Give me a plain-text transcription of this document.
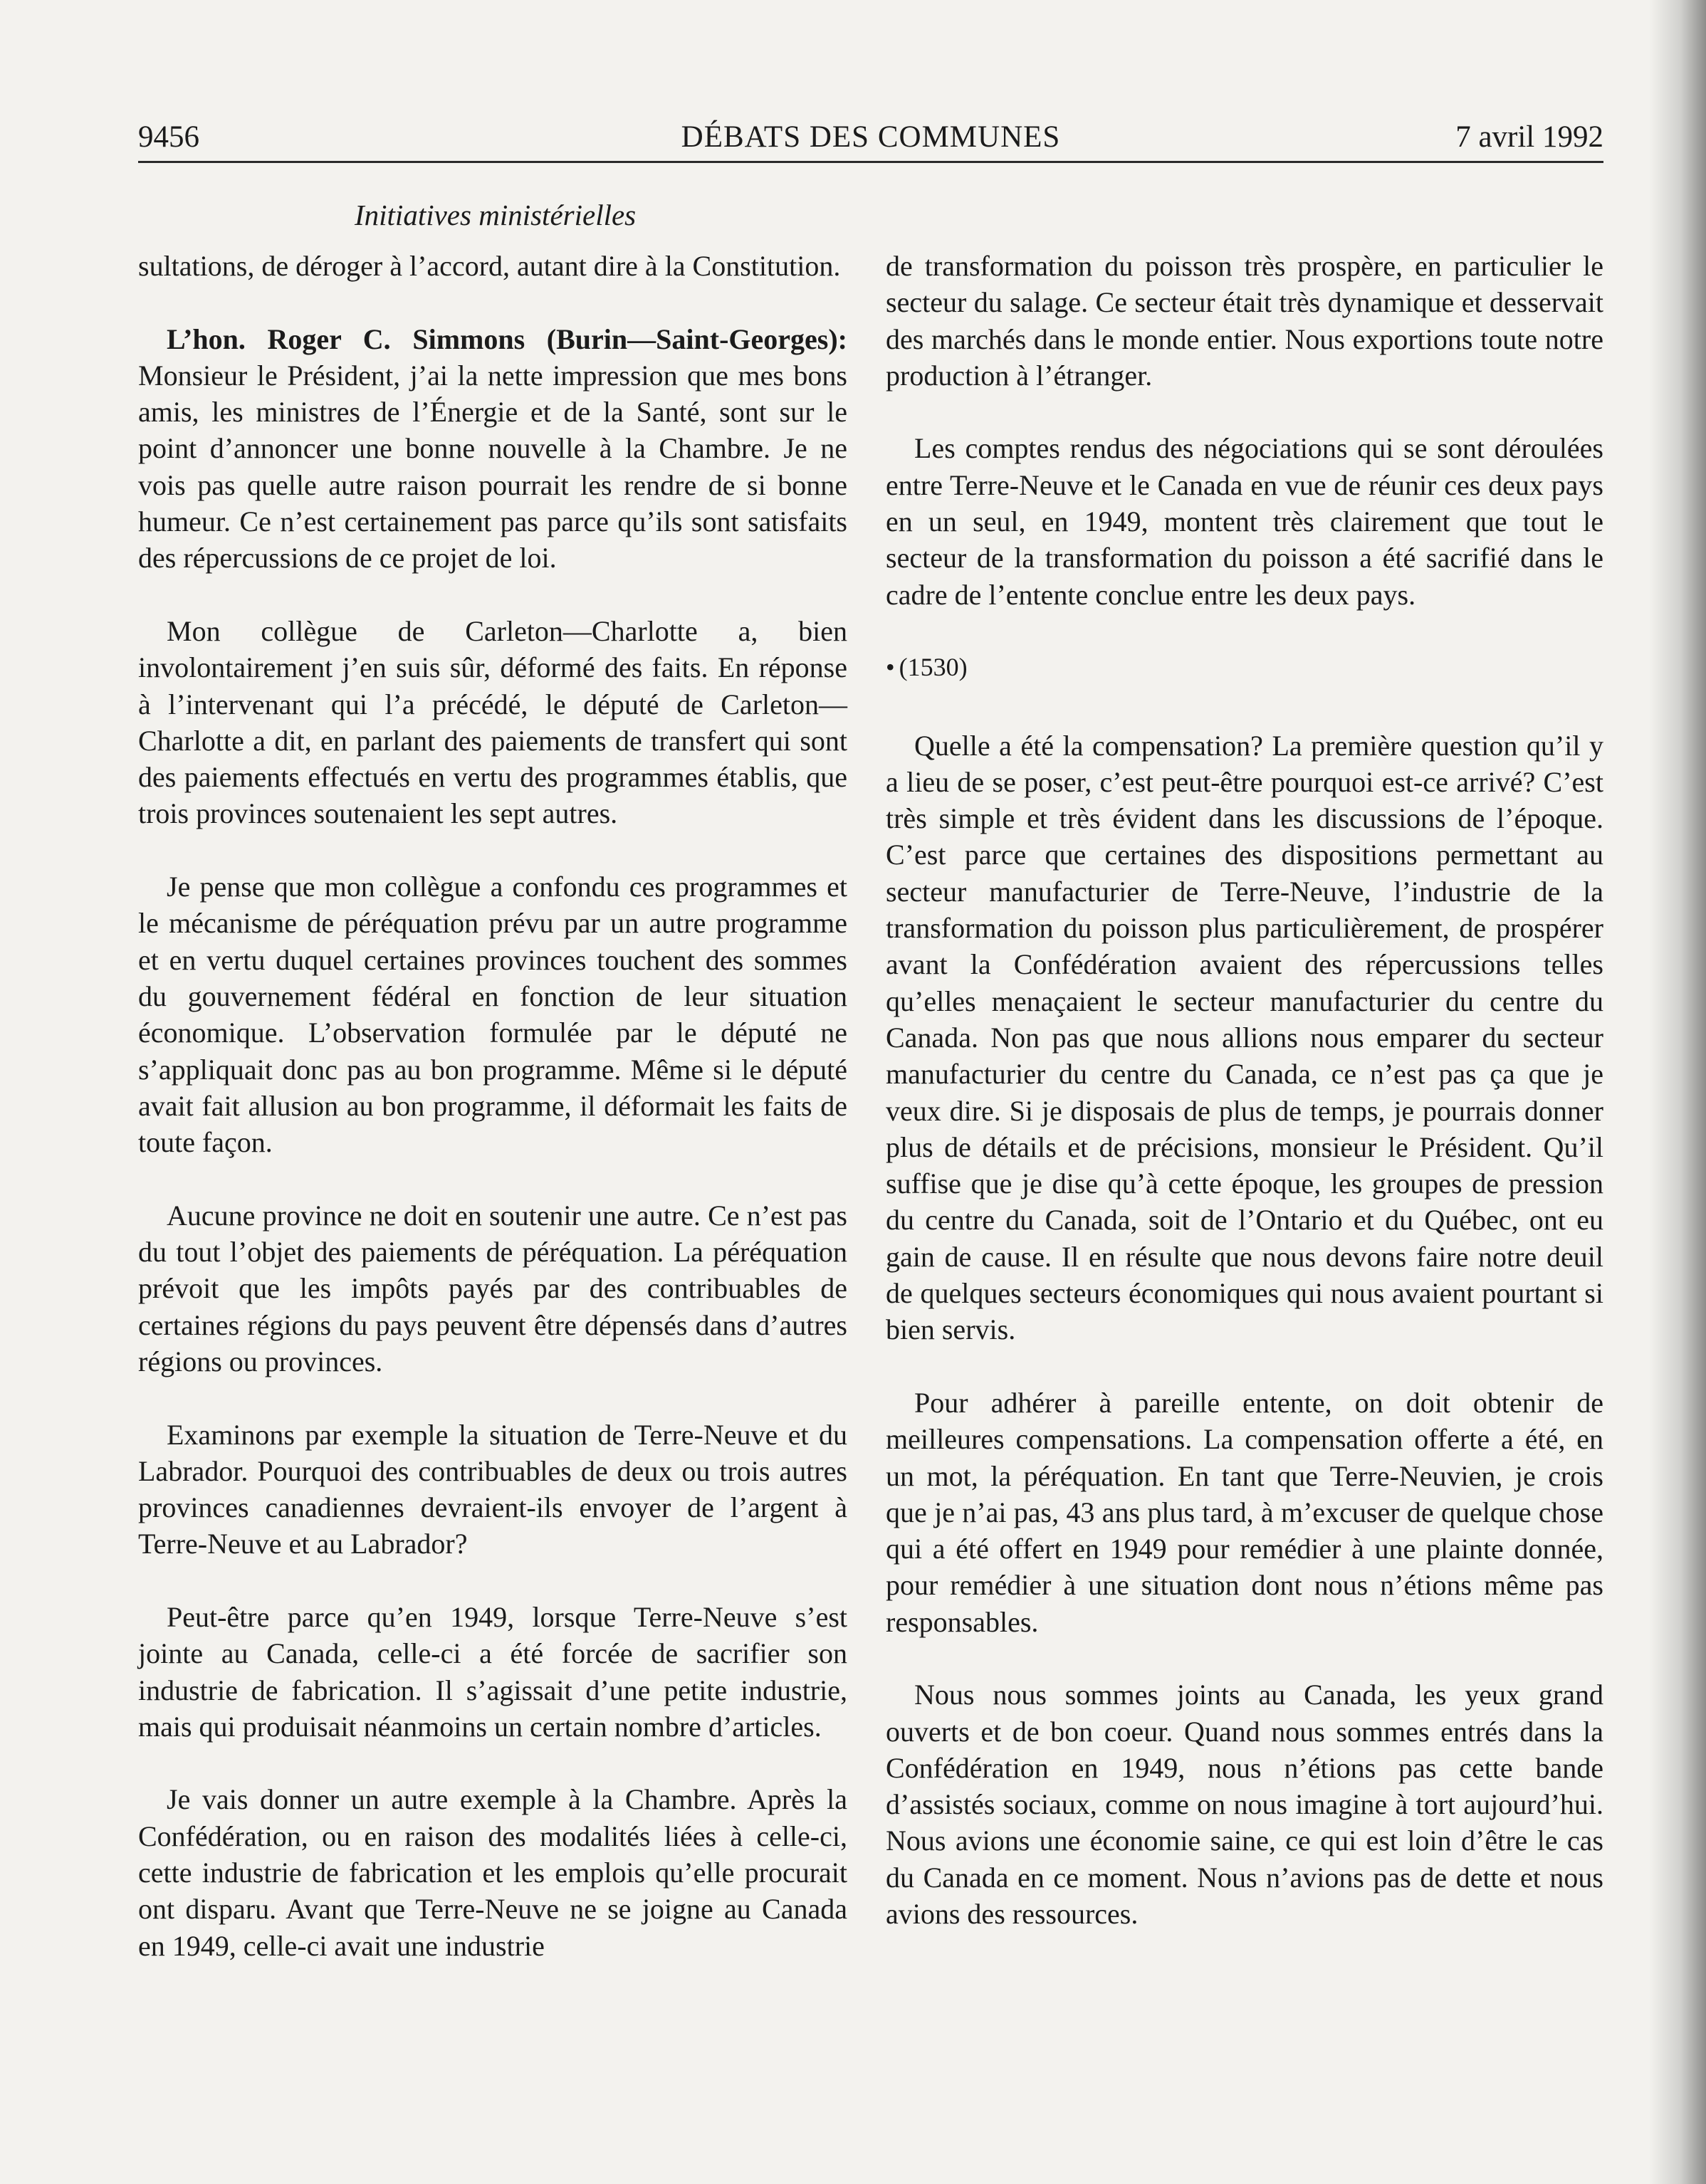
9456	DÉBATS DES COMMUNES	7 avril 1992
Initiatives ministérielles

sultations, de déroger à l’accord, autant dire à la Constitution.

L’hon. Roger C. Simmons (Burin—Saint-Georges): Monsieur le Président, j’ai la nette impression que mes bons amis, les ministres de l’Énergie et de la Santé, sont sur le point d’annoncer une bonne nouvelle à la Chambre. Je ne vois pas quelle autre raison pourrait les rendre de si bonne humeur. Ce n’est certainement pas parce qu’ils sont satisfaits des répercussions de ce projet de loi.

Mon collègue de Carleton—Charlotte a, bien involontairement j’en suis sûr, déformé des faits. En réponse à l’intervenant qui l’a précédé, le député de Carleton—Charlotte a dit, en parlant des paiements de transfert qui sont des paiements effectués en vertu des programmes établis, que trois provinces soutenaient les sept autres.

Je pense que mon collègue a confondu ces programmes et le mécanisme de péréquation prévu par un autre programme et en vertu duquel certaines provinces touchent des sommes du gouvernement fédéral en fonction de leur situation économique. L’observation formulée par le député ne s’appliquait donc pas au bon programme. Même si le député avait fait allusion au bon programme, il déformait les faits de toute façon.

Aucune province ne doit en soutenir une autre. Ce n’est pas du tout l’objet des paiements de péréquation. La péréquation prévoit que les impôts payés par des contribuables de certaines régions du pays peuvent être dépensés dans d’autres régions ou provinces.

Examinons par exemple la situation de Terre-Neuve et du Labrador. Pourquoi des contribuables de deux ou trois autres provinces canadiennes devraient-ils envoyer de l’argent à Terre-Neuve et au Labrador?

Peut-être parce qu’en 1949, lorsque Terre-Neuve s’est jointe au Canada, celle-ci a été forcée de sacrifier son industrie de fabrication. Il s’agissait d’une petite industrie, mais qui produisait néanmoins un certain nombre d’articles.

Je vais donner un autre exemple à la Chambre. Après la Confédération, ou en raison des modalités liées à celle-ci, cette industrie de fabrication et les emplois qu’elle procurait ont disparu. Avant que Terre-Neuve ne se joigne au Canada en 1949, celle-ci avait une industrie

de transformation du poisson très prospère, en particulier le secteur du salage. Ce secteur était très dynamique et desservait des marchés dans le monde entier. Nous exportions toute notre production à l’étranger.

Les comptes rendus des négociations qui se sont déroulées entre Terre-Neuve et le Canada en vue de réunir ces deux pays en un seul, en 1949, montent très clairement que tout le secteur de la transformation du poisson a été sacrifié dans le cadre de l’entente conclue entre les deux pays.

• (1530)

Quelle a été la compensation? La première question qu’il y a lieu de se poser, c’est peut-être pourquoi est-ce arrivé? C’est très simple et très évident dans les discussions de l’époque. C’est parce que certaines des dispositions permettant au secteur manufacturier de Terre-Neuve, l’industrie de la transformation du poisson plus particulièrement, de prospérer avant la Confédération avaient des répercussions telles qu’elles menaçaient le secteur manufacturier du centre du Canada. Non pas que nous allions nous emparer du secteur manufacturier du centre du Canada, ce n’est pas ça que je veux dire. Si je disposais de plus de temps, je pourrais donner plus de détails et de précisions, monsieur le Président. Qu’il suffise que je dise qu’à cette époque, les groupes de pression du centre du Canada, soit de l’Ontario et du Québec, ont eu gain de cause. Il en résulte que nous devons faire notre deuil de quelques secteurs économiques qui nous avaient pourtant si bien servis.

Pour adhérer à pareille entente, on doit obtenir de meilleures compensations. La compensation offerte a été, en un mot, la péréquation. En tant que Terre-Neuvien, je crois que je n’ai pas, 43 ans plus tard, à m’excuser de quelque chose qui a été offert en 1949 pour remédier à une plainte donnée, pour remédier à une situation dont nous n’étions même pas responsables.

Nous nous sommes joints au Canada, les yeux grand ouverts et de bon coeur. Quand nous sommes entrés dans la Confédération en 1949, nous n’étions pas cette bande d’assistés sociaux, comme on nous imagine à tort aujourd’hui. Nous avions une économie saine, ce qui est loin d’être le cas du Canada en ce moment. Nous n’avions pas de dette et nous avions des ressources.
